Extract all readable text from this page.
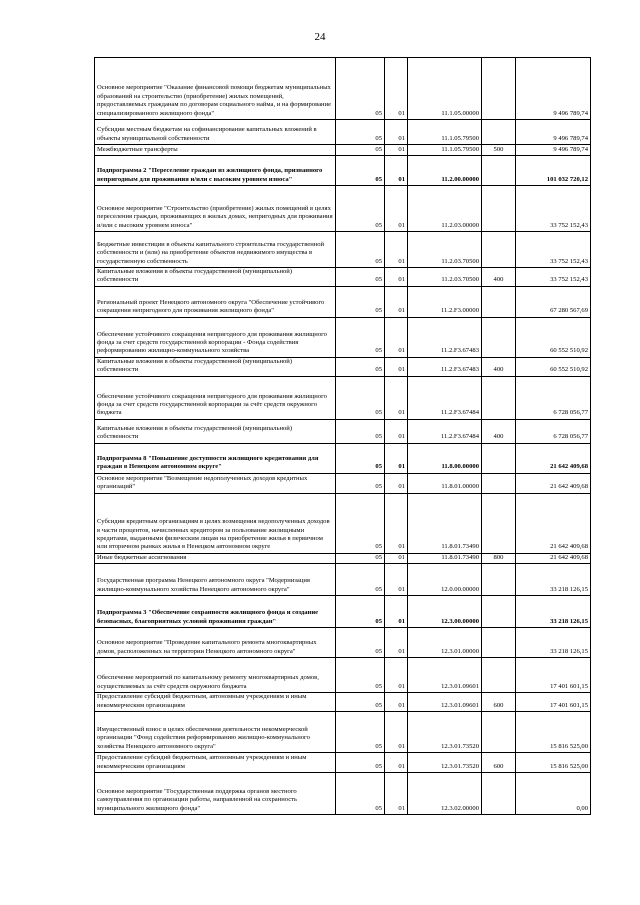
24
Основное мероприятие "Оказание финансовой помощи бюджетам муниципальных образований на строительство (приобретение) жилых помещений, предоставляемых гражданам по договорам социального найма, и на формирование специализированного жилищного фонда"	05	01	11.1.05.00000		9 496 789,74
Субсидии местным бюджетам на софинансирование капитальных вложений в объекты муниципальной собственности	05	01	11.1.05.79500		9 496 789,74
Межбюджетные трансферты	05	01	11.1.05.79500	500	9 496 789,74
Подпрограмма 2 "Переселение граждан из жилищного фонда, признанного непригодным для проживания и/или с высоким уровнем износа"	05	01	11.2.00.00000		101 032 720,12
Основное мероприятие "Строительство (приобретение) жилых помещений в целях переселения граждан, проживающих в жилых домах, непригодных для проживания и/или с высоким уровнем износа"	05	01	11.2.03.00000		33 752 152,43
Бюджетные инвестиции в объекты капитального строительства государственной собственности и (или) на приобретение объектов недвижимого имущества в государственную собственность	05	01	11.2.03.70500		33 752 152,43
Капитальные вложения в объекты государственной (муниципальной) собственности	05	01	11.2.03.70500	400	33 752 152,43
Региональный проект Ненецкого автономного округа "Обеспечение устойчивого сокращения непригодного для проживания жилищного фонда"	05	01	11.2.F3.00000		67 280 567,69
Обеспечение устойчивого сокращения непригодного для проживания жилищного фонда за счет средств государственной корпорации - Фонда содействия реформированию жилищно-коммунального хозяйства	05	01	11.2.F3.67483		60 552 510,92
Капитальные вложения в объекты государственной (муниципальной) собственности	05	01	11.2.F3.67483	400	60 552 510,92
Обеспечение устойчивого сокращения непригодного для проживания жилищного фонда за счет средств государственной корпорации за счёт средств окружного бюджета	05	01	11.2.F3.67484		6 728 056,77
Капитальные вложения в объекты государственной (муниципальной) собственности	05	01	11.2.F3.67484	400	6 728 056,77
Подпрограмма 8 "Повышение доступности жилищного кредитования для граждан в Ненецком автономном округе"	05	01	11.8.00.00000		21 642 409,68
Основное мероприятие "Возмещение недополученных доходов кредитных организаций"	05	01	11.8.01.00000		21 642 409,68
Субсидии кредитным организациям в целях возмещения недополученных доходов в части процентов, начисленных кредитором за пользование жилищными кредитами, выданными физическим лицам на приобретение жилья в первичном или вторичном рынках жилья в Ненецком автономном округе	05	01	11.8.01.73490		21 642 409,68
Иные бюджетные ассигнования	05	01	11.8.01.73490	800	21 642 409,68
Государственная программа Ненецкого автономного округа "Модернизация жилищно-коммунального хозяйства Ненецкого автономного округа"	05	01	12.0.00.00000		33 218 126,15
Подпрограмма 3 "Обеспечение сохранности жилищного фонда и создание безопасных, благоприятных условий проживания граждан"	05	01	12.3.00.00000		33 218 126,15
Основное мероприятие "Проведение капитального ремонта многоквартирных домов, расположенных на территории Ненецкого автономного округа"	05	01	12.3.01.00000		33 218 126,15
Обеспечение мероприятий по капитальному ремонту многоквартирных домов, осуществляемых за счёт средств окружного бюджета	05	01	12.3.01.09601		17 401 601,15
Предоставление субсидий бюджетным, автономным учреждениям и иным некоммерческим организациям	05	01	12.3.01.09601	600	17 401 601,15
Имущественный взнос в целях обеспечения деятельности некоммерческой организации "Фонд содействия реформированию жилищно-коммунального хозяйства Ненецкого автономного округа"	05	01	12.3.01.73520		15 816 525,00
Предоставление субсидий бюджетным, автономным учреждениям и иным некоммерческим организациям	05	01	12.3.01.73520	600	15 816 525,00
Основное мероприятие "Государственная поддержка органов местного самоуправления по организации работы, направленной на сохранность муниципального жилищного фонда"	05	01	12.3.02.00000		0,00
